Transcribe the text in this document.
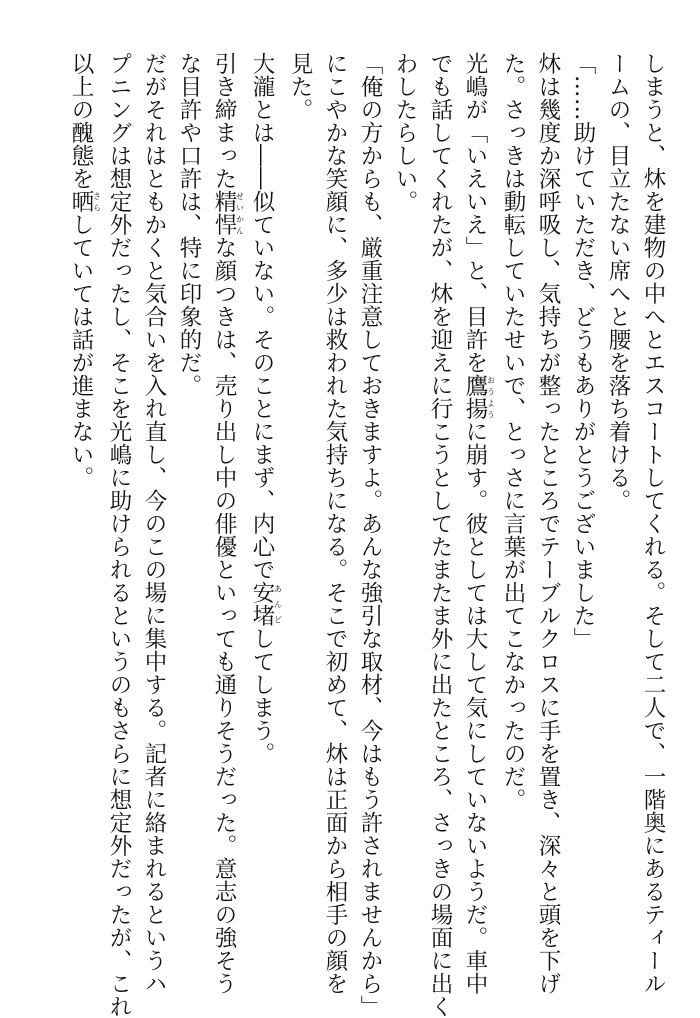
しまうと、炑を建物の中へとエスコートしてくれる。そして二人で、一階奥にあるティール
ームの、目立たない席へと腰を落ち着ける。
「……助けていただき、どうもありがとうございました」
炑は幾度か深呼吸し、気持ちが整ったところでテーブルクロスに手を置き、深々と頭を下げ
た。さっきは動転していたせいで、とっさに言葉が出てこなかったのだ。
光嶋が「いえいえ」と、目許を鷹揚おうように崩す。彼としては大して気にしていないようだ。車中
でも話してくれたが、炑を迎えに行こうとしてたまたま外に出たところ、さっきの場面に出く
わしたらしい。
「俺の方からも、厳重注意しておきますよ。あんな強引な取材、今はもう許されませんから」
にこやかな笑顔に、多少は救われた気持ちになる。そこで初めて、炑は正面から相手の顔を
見た。
大瀧とは――似ていない。そのことにまず、内心で安堵あんどしてしまう。
引き締まった精悍せいかんな顔つきは、売り出し中の俳優といっても通りそうだった。意志の強そう
な目許や口許は、特に印象的だ。
だがそれはともかくと気合いを入れ直し、今のこの場に集中する。記者に絡まれるというハ
プニングは想定外だったし、そこを光嶋に助けられるというのもさらに想定外だったが、これ
以上の醜態を晒さらしていては話が進まない。
